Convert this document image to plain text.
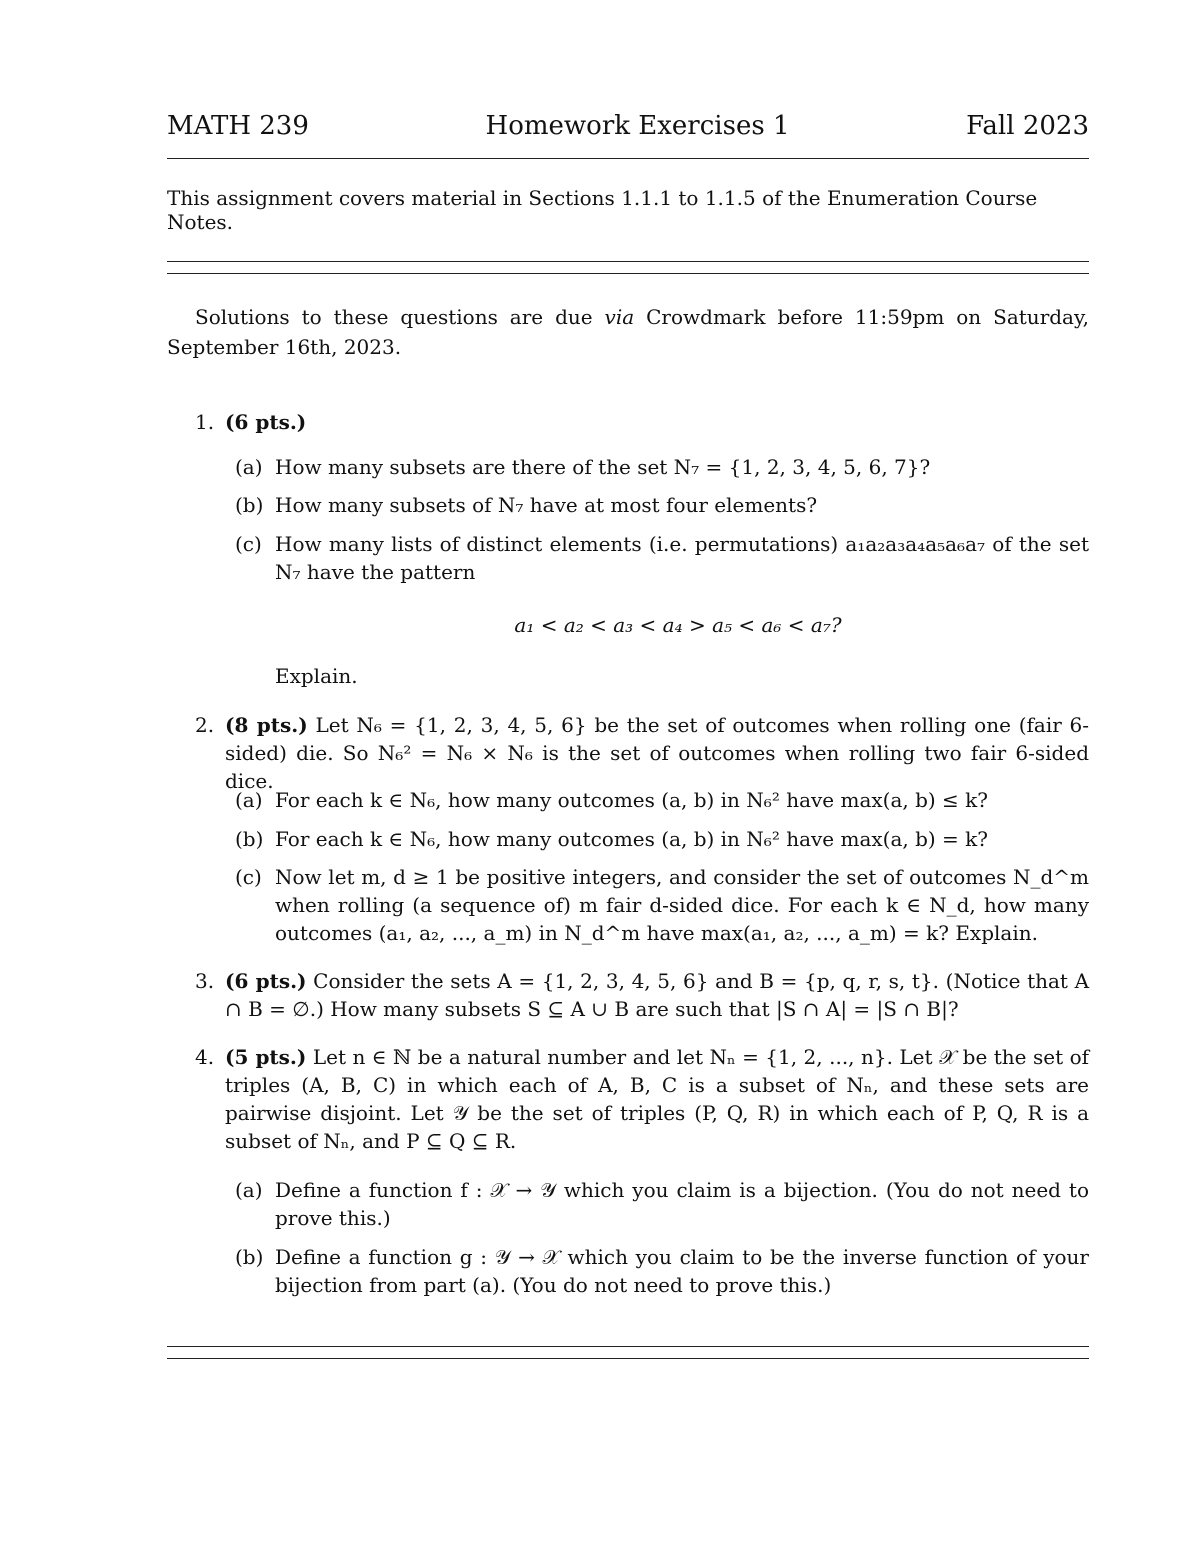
MATH 239	Homework Exercises 1	Fall 2023
This assignment covers material in Sections 1.1.1 to 1.1.5 of the Enumeration Course Notes.
Solutions to these questions are due via Crowdmark before 11:59pm on Saturday, September 16th, 2023.
1. (6 pts.)
(a) How many subsets are there of the set N₇ = {1, 2, 3, 4, 5, 6, 7}?
(b) How many subsets of N₇ have at most four elements?
(c) How many lists of distinct elements (i.e. permutations) a₁a₂a₃a₄a₅a₆a₇ of the set N₇ have the pattern
a₁ < a₂ < a₃ < a₄ > a₅ < a₆ < a₇?
Explain.
2. (8 pts.) Let N₆ = {1, 2, 3, 4, 5, 6} be the set of outcomes when rolling one (fair 6-sided) die. So N₆² = N₆ × N₆ is the set of outcomes when rolling two fair 6-sided dice.
(a) For each k ∈ N₆, how many outcomes (a, b) in N₆² have max(a, b) ≤ k?
(b) For each k ∈ N₆, how many outcomes (a, b) in N₆² have max(a, b) = k?
(c) Now let m, d ≥ 1 be positive integers, and consider the set of outcomes N_d^m when rolling (a sequence of) m fair d-sided dice. For each k ∈ N_d, how many outcomes (a₁, a₂, ..., a_m) in N_d^m have max(a₁, a₂, ..., a_m) = k? Explain.
3. (6 pts.) Consider the sets A = {1, 2, 3, 4, 5, 6} and B = {p, q, r, s, t}. (Notice that A ∩ B = ∅.) How many subsets S ⊆ A ∪ B are such that |S ∩ A| = |S ∩ B|?
4. (5 pts.) Let n ∈ ℕ be a natural number and let Nₙ = {1, 2, ..., n}. Let 𝒳 be the set of triples (A, B, C) in which each of A, B, C is a subset of Nₙ, and these sets are pairwise disjoint. Let 𝒴 be the set of triples (P, Q, R) in which each of P, Q, R is a subset of Nₙ, and P ⊆ Q ⊆ R.
(a) Define a function f : 𝒳 → 𝒴 which you claim is a bijection. (You do not need to prove this.)
(b) Define a function g : 𝒴 → 𝒳 which you claim to be the inverse function of your bijection from part (a). (You do not need to prove this.)
